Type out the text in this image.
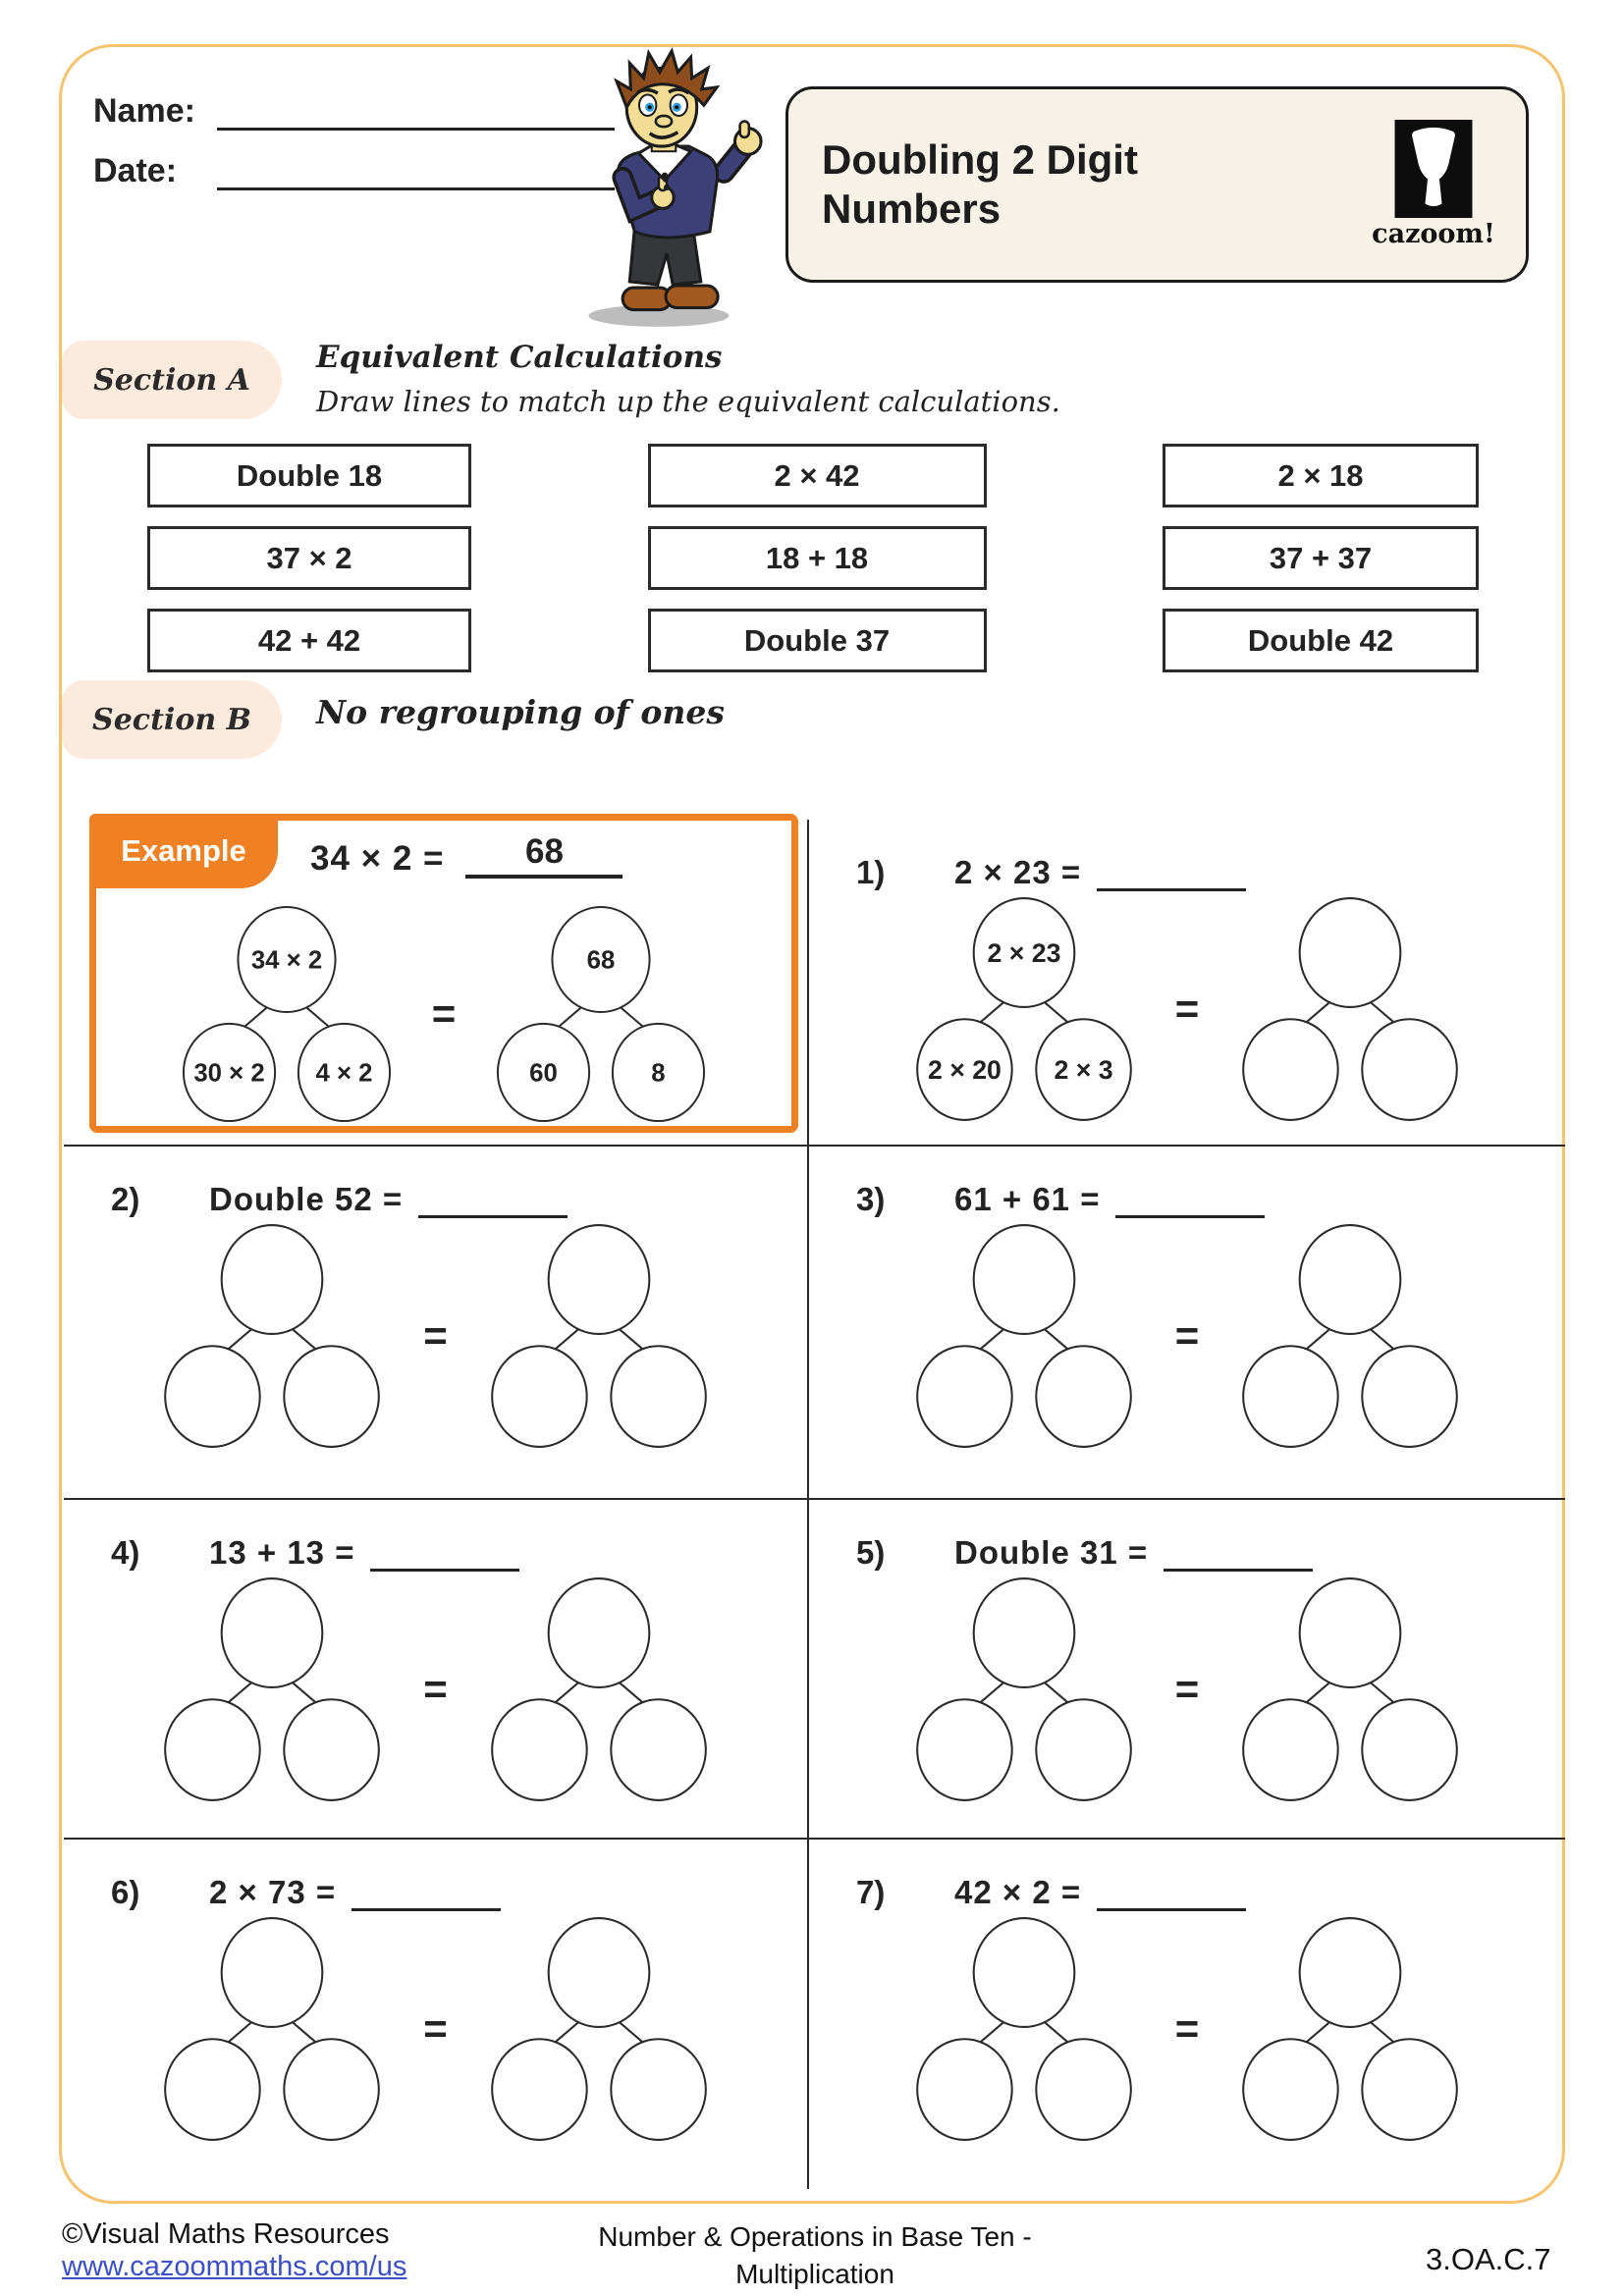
Name:
Date:	Doubling 2 Digit Numbers
cazoom!
Section A
Equivalent Calculations
Draw lines to match up the equivalent calculations.
Double 18	2 × 42	2 × 18
37 × 2	18 + 18	37 + 37
42 + 42	Double 37	Double 42
Section B	No regrouping of ones
Example	34 × 2 =	68
34 × 2
30 × 2 4 × 2
=
68
60	8
1)	2 × 23 =
2 × 23
2 × 20 2 × 3
=
2)	Double 52 =
=
3)	61 + 61 =
=
4)	13 + 13 =
=
5)	Double 31 =
=
6)	2 × 73 =
=
7)	42 × 2 =
=
©Visual Maths Resources
www.cazoommaths.com/us
Number & Operations in Base Ten -
Multiplication	3.OA.C.7
